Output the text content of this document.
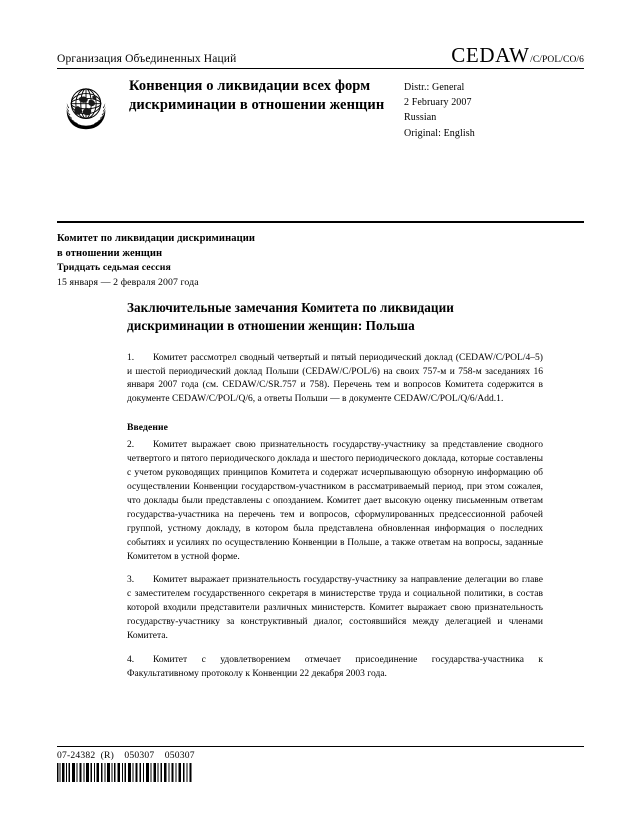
Организация Объединенных Наций	CEDAW /C/POL/CO/6
Конвенция о ликвидации всех форм дискриминации в отношении женщин
Distr.: General
2 February 2007
Russian
Original: English
Комитет по ликвидации дискриминации
в отношении женщин
Тридцать седьмая сессия
15 января — 2 февраля 2007 года
Заключительные замечания Комитета по ликвидации дискриминации в отношении женщин: Польша

1. Комитет рассмотрел сводный четвертый и пятый периодический доклад (CEDAW/C/POL/4–5) и шестой периодический доклад Польши (CEDAW/C/POL/6) на своих 757-м и 758-м заседаниях 16 января 2007 года (см. CEDAW/C/SR.757 и 758). Перечень тем и вопросов Комитета содержится в документе CEDAW/C/POL/Q/6, а ответы Польши — в документе CEDAW/C/POL/Q/6/Add.1.

Введение

2. Комитет выражает свою признательность государству-участнику за представление сводного четвертого и пятого периодического доклада и шестого периодического доклада, которые составлены с учетом руководящих принципов Комитета и содержат исчерпывающую обзорную информацию об осуществлении Конвенции государством-участником в рассматриваемый период, при этом сожалея, что доклады были представлены с опозданием. Комитет дает высокую оценку письменным ответам государства-участника на перечень тем и вопросов, сформулированных предсессионной рабочей группой, устному докладу, в котором была представлена обновленная информация о последних событиях и усилиях по осуществлению Конвенции в Польше, а также ответам на вопросы, заданные Комитетом в устной форме.

3. Комитет выражает признательность государству-участнику за направление делегации во главе с заместителем государственного секретаря в министерстве труда и социальной политики, в состав которой входили представители различных министерств. Комитет выражает свою признательность государству-участнику за конструктивный диалог, состоявшийся между делегацией и членами Комитета.

4. Комитет с удовлетворением отмечает присоединение государства-участника к Факультативному протоколу к Конвенции 22 декабря 2003 года.

07-24382  (R)    050307    050307
